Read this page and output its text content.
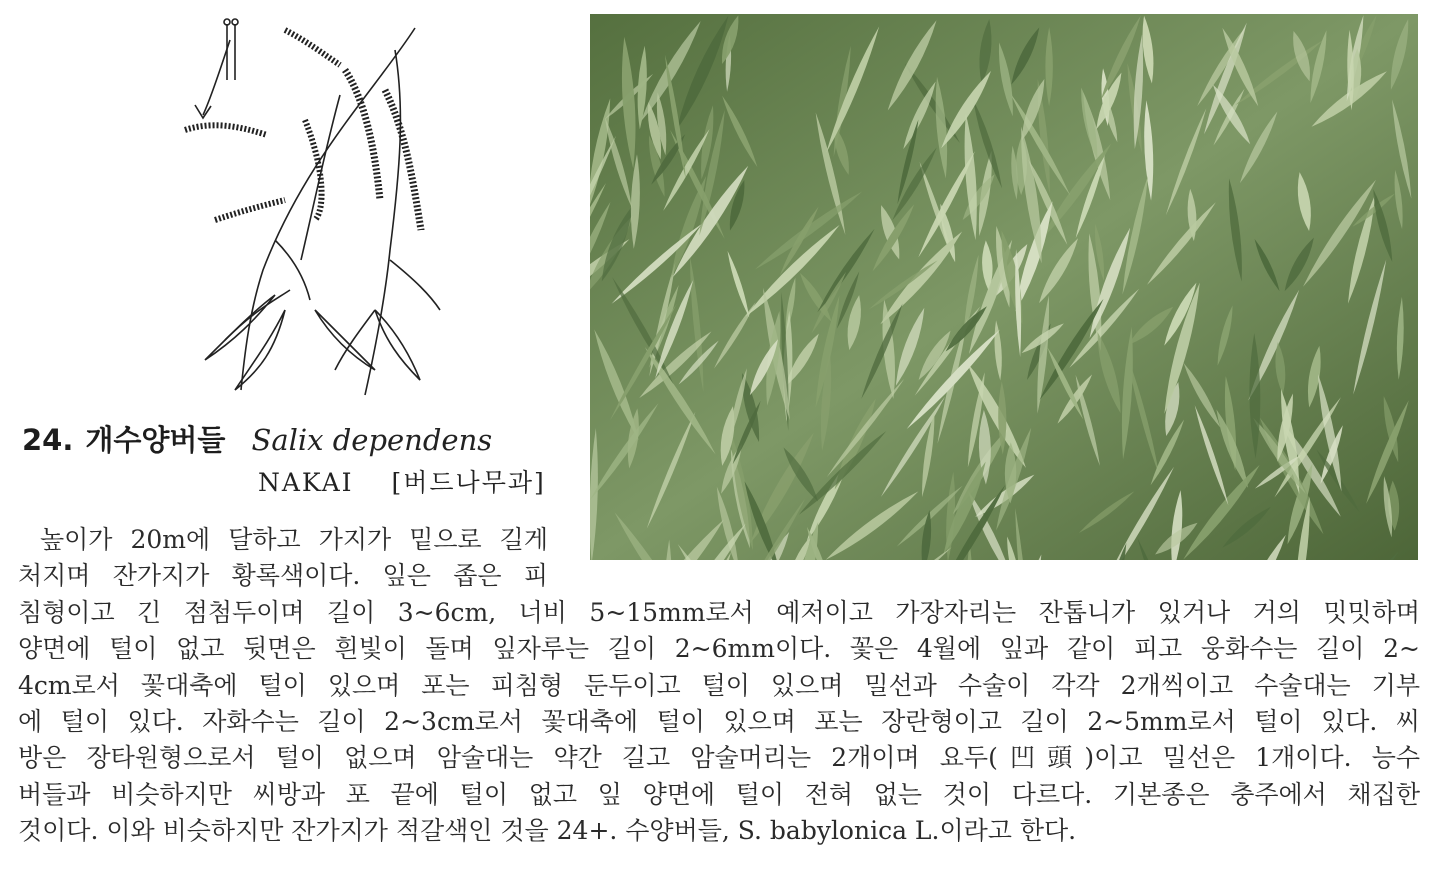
24. 개수양버들 Salix dependens
NAKAI [버드나무과]
높이가 20m에 달하고 가지가 밑으로 길게
처지며 잔가지가 황록색이다. 잎은 좁은 피
침형이고 긴 점첨두이며 길이 3~6cm, 너비 5~15mm로서 예저이고 가장자리는 잔톱니가 있거나 거의 밋밋하며
양면에 털이 없고 뒷면은 흰빛이 돌며 잎자루는 길이 2~6mm이다. 꽃은 4월에 잎과 같이 피고 웅화수는 길이 2~
4cm로서 꽃대축에 털이 있으며 포는 피침형 둔두이고 털이 있으며 밀선과 수술이 각각 2개씩이고 수술대는 기부
에 털이 있다. 자화수는 길이 2~3cm로서 꽃대축에 털이 있으며 포는 장란형이고 길이 2~5mm로서 털이 있다. 씨
방은 장타원형으로서 털이 없으며 암술대는 약간 길고 암술머리는 2개이며 요두(凹頭)이고 밀선은 1개이다. 능수
버들과 비슷하지만 씨방과 포 끝에 털이 없고 잎 양면에 털이 전혀 없는 것이 다르다. 기본종은 충주에서 채집한
것이다. 이와 비슷하지만 잔가지가 적갈색인 것을 24+. 수양버들, S. babylonica L.이라고 한다.
